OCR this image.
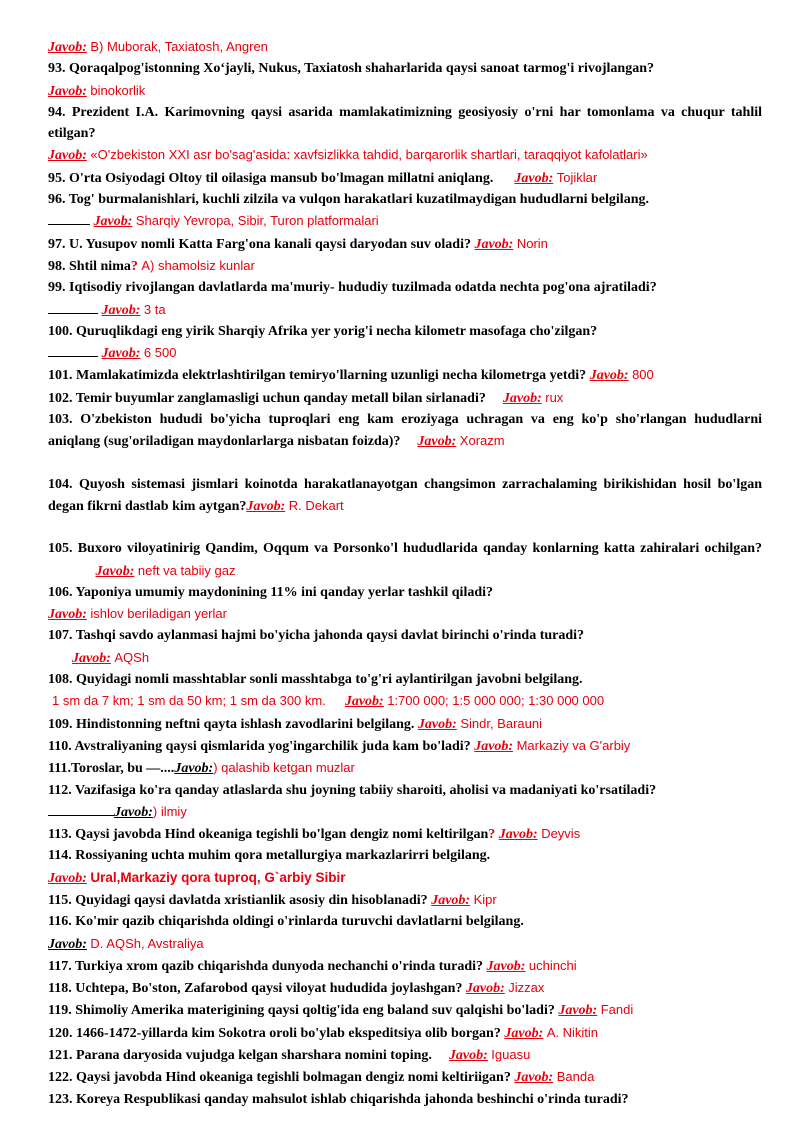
Javob: B) Muborak, Taxiatosh, Angren
93. Qoraqalpog'istonning Xoʻjayli, Nukus, Taxiatosh shaharlarida qaysi sanoat tarmog'i rivojlangan?
Javob: binokorlik
94. Prezident I.A. Karimovning qaysi asarida mamlakatimizning geosiyosiy o'rni har tomonlama va chuqur tahlil etilgan?
Javob: «O'zbekiston XXI asr bo'sag'asida: xavfsizlikka tahdid, barqarorlik shartlari, taraqqiyot kafolatlari»
95. O'rta Osiyodagi Oltoy til oilasiga mansub bo'lmagan millatni aniqlang. Javob: Tojiklar
96. Tog' burmalanishlari, kuchli zilzila va vulqon harakatlari kuzatilmaydigan hududlarni belgilang.
Javob: Sharqiy Yevropa, Sibir, Turon platformalari
97. U. Yusupov nomli Katta Farg'ona kanali qaysi daryodan suv oladi? Javob: Norin
98. Shtil nima? A) shamolsiz kunlar
99. Iqtisodiy rivojlangan davlatlarda ma'muriy- hududiy tuzilmada odatda nechta pog'ona ajratiladi?
Javob: 3 ta
100. Quruqlikdagi eng yirik Sharqiy Afrika yer yorig'i necha kilometr masofaga cho'zilgan?
Javob: 6 500
101. Mamlakatimizda elektrlashtirilgan temiryo'llarning uzunligi necha kilometrga yetdi? Javob: 800
102. Temir buyumlar zanglamasligi uchun qanday metall bilan sirlanadi? Javob: rux
103. O'zbekiston hududi bo'yicha tuproqlari eng kam eroziyaga uchragan va eng ko'p sho'rlangan hududlarni aniqlang (sug'oriladigan maydonlarlarga nisbatan foizda)? Javob: Xorazm
104. Quyosh sistemasi jismlari koinotda harakatlanayotgan changsimon zarrachalaming birikishidan hosil bo'lgan degan fikrni dastlab kim aytgan?Javob: R. Dekart
105. Buxoro viloyatinirig Qandim, Oqqum va Porsonko'l hududlarida qanday konlarning katta zahiralari ochilgan?  Javob: neft va tabiiy gaz
106. Yaponiya umumiy maydonining 11% ini qanday yerlar tashkil qiladi?
Javob: ishlov beriladigan yerlar
107. Tashqi savdo aylanmasi hajmi bo'yicha jahonda qaysi davlat birinchi o'rinda turadi?
Javob: AQSh
108. Quyidagi nomli masshtablar sonli masshtabga to'g'ri aylantirilgan javobni belgilang.
1 sm da 7 km; 1 sm da 50 km; 1 sm da 300 km. Javob: 1:700 000; 1:5 000 000; 1:30 000 000
109. Hindistonning neftni qayta ishlash zavodlarini belgilang. Javob: Sindr, Barauni
110. Avstraliyaning qaysi qismlarida yog'ingarchilik juda kam bo'ladi? Javob: Markaziy va G'arbiy
111.Toroslar, bu —....Javob:) qalashib ketgan muzlar
112. Vazifasiga ko'ra qanday atlaslarda shu joyning tabiiy sharoiti, aholisi va madaniyati ko'rsatiladi?
Javob:) ilmiy
113. Qaysi javobda Hind okeaniga tegishli bo'lgan dengiz nomi keltirilgan? Javob: Deyvis
114. Rossiyaning uchta muhim qora metallurgiya markazlarirri belgilang.
Javob: Ural,Markaziy qora tuproq, G`arbiy Sibir
115. Quyidagi qaysi davlatda xristianlik asosiy din hisoblanadi? Javob: Kipr
116. Ko'mir qazib chiqarishda oldingi o'rinlarda turuvchi davlatlarni belgilang.
Javob: D. AQSh, Avstraliya
117. Turkiya xrom qazib chiqarishda dunyoda nechanchi o'rinda turadi? Javob: uchinchi
118. Uchtepa, Bo'ston, Zafarobod qaysi viloyat hududida joylashgan? Javob: Jizzax
119. Shimoliy Amerika materigining qaysi qoltig'ida eng baland suv qalqishi bo'ladi? Javob: Fandi
120. 1466-1472-yillarda kim Sokotra oroli bo'ylab ekspeditsiya olib borgan? Javob: A. Nikitin
121. Parana daryosida vujudga kelgan sharshara nomini toping. Javob: Iguasu
122. Qaysi javobda Hind okeaniga tegishli bolmagan dengiz nomi keltiriigan? Javob: Banda
123. Koreya Respublikasi qanday mahsulot ishlab chiqarishda jahonda beshinchi o'rinda turadi?
